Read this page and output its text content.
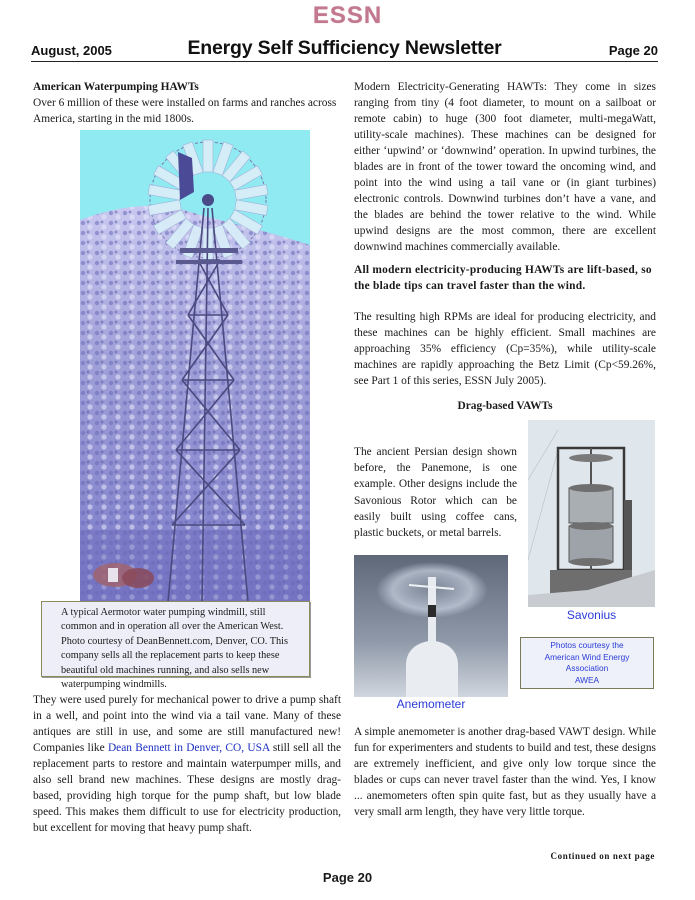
ESSN
August, 2005	Energy Self Sufficiency Newsletter	Page 20
American Waterpumping HAWTs
Over 6 million of these were installed on farms and ranches across America, starting in the mid 1800s.
A typical Aermotor water pumping windmill, still common and in operation all over the American West. Photo courtesy of DeanBennett.com, Denver, CO. This company sells all the replacement parts to keep these beautiful old machines running, and also sells new waterpumping windmills.
They were used purely for mechanical power to drive a pump shaft in a well, and point into the wind via a tail vane. Many of these antiques are still in use, and some are still manufactured new! Companies like Dean Bennett in Denver, CO, USA still sell all the replacement parts to restore and maintain waterpumper mills, and also sell brand new machines. These designs are mostly drag-based, providing high torque for the pump shaft, but low blade speed. This makes them difficult to use for electricity production, but excellent for moving that heavy pump shaft.
Modern Electricity-Generating HAWTs: They come in sizes ranging from tiny (4 foot diameter, to mount on a sailboat or remote cabin) to huge (300 foot diameter, multi-megaWatt, utility-scale machines). These machines can be designed for either ‘upwind’ or ‘downwind’ operation. In upwind turbines, the blades are in front of the tower toward the oncoming wind, and point into the wind using a tail vane or (in giant turbines) electronic controls. Downwind turbines don’t have a vane, and the blades are behind the tower relative to the wind. While upwind designs are the most common, there are excellent downwind machines commercially available.
All modern electricity-producing HAWTs are lift-based, so the blade tips can travel faster than the wind.
The resulting high RPMs are ideal for producing electricity, and these machines can be highly efficient. Small machines are approaching 35% efficiency (Cp=35%), while utility-scale machines are rapidly approaching the Betz Limit (Cp<59.26%, see Part 1 of this series, ESSN July 2005).
Drag-based VAWTs
The ancient Persian design shown before, the Panemone, is one example. Other designs include the Savonious Rotor which can be easily built using coffee cans, plastic buckets, or metal barrels.
Savonius
Photos courtesy the
American Wind Energy
Association
AWEA
Anemometer
A simple anemometer is another drag-based VAWT design. While fun for experimenters and students to build and test, these designs are extremely inefficient, and give only low torque since the blades or cups can never travel faster than the wind. Yes, I know ... anemometers often spin quite fast, but as they usually have a very small arm length, they have very little torque.
Continued on next page
Page 20
